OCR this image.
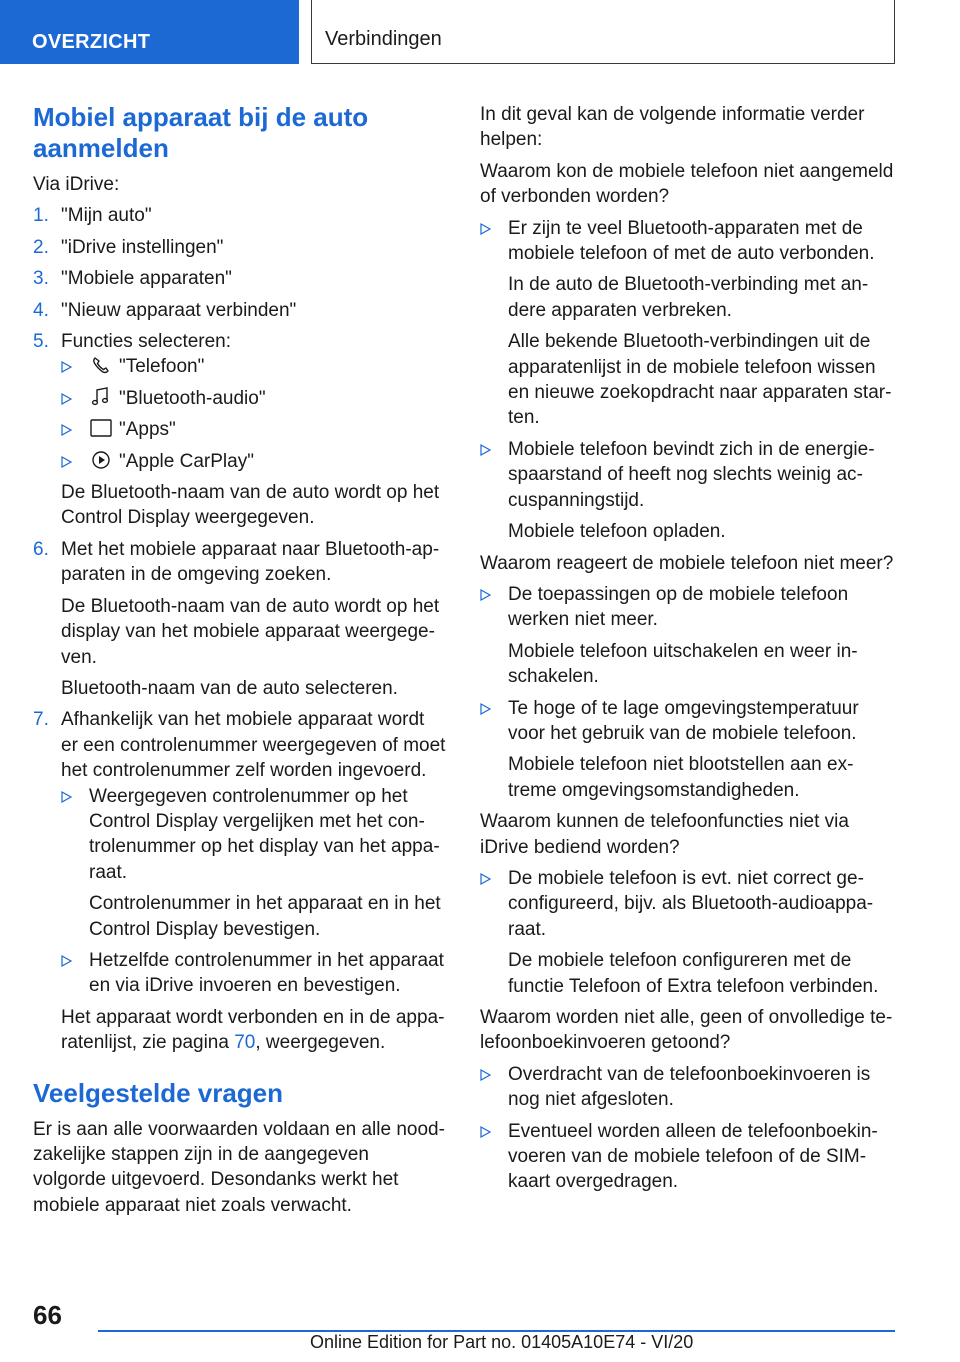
OVERZICHT	Verbindingen
Mobiel apparaat bij de auto aanmelden
Via iDrive:
1. "Mijn auto"
2. "iDrive instellingen"
3. "Mobiele apparaten"
4. "Nieuw apparaat verbinden"
5. Functies selecteren:
"Telefoon"
"Bluetooth-audio"
"Apps"
"Apple CarPlay"
De Bluetooth-naam van de auto wordt op het Control Display weergegeven.
6. Met het mobiele apparaat naar Bluetooth-apparaten in de omgeving zoeken.
De Bluetooth-naam van de auto wordt op het display van het mobiele apparaat weergegeven.
Bluetooth-naam van de auto selecteren.
7. Afhankelijk van het mobiele apparaat wordt er een controlenummer weergegeven of moet het controlenummer zelf worden ingevoerd.
Weergegeven controlenummer op het Control Display vergelijken met het controlenummer op het display van het apparaat.
Controlenummer in het apparaat en in het Control Display bevestigen.
Hetzelfde controlenummer in het apparaat en via iDrive invoeren en bevestigen.
Het apparaat wordt verbonden en in de apparatenlijst, zie pagina 70, weergegeven.
Veelgestelde vragen
Er is aan alle voorwaarden voldaan en alle noodzakelijke stappen zijn in de aangegeven volgorde uitgevoerd. Desondanks werkt het mobiele apparaat niet zoals verwacht.
In dit geval kan de volgende informatie verder helpen:
Waarom kon de mobiele telefoon niet aangemeld of verbonden worden?
Er zijn te veel Bluetooth-apparaten met de mobiele telefoon of met de auto verbonden.
In de auto de Bluetooth-verbinding met andere apparaten verbreken.
Alle bekende Bluetooth-verbindingen uit de apparatenlijst in de mobiele telefoon wissen en nieuwe zoekopdracht naar apparaten starten.
Mobiele telefoon bevindt zich in de energiespaarstand of heeft nog slechts weinig accuspanningstijd.
Mobiele telefoon opladen.
Waarom reageert de mobiele telefoon niet meer?
De toepassingen op de mobiele telefoon werken niet meer.
Mobiele telefoon uitschakelen en weer inschakelen.
Te hoge of te lage omgevingstemperatuur voor het gebruik van de mobiele telefoon.
Mobiele telefoon niet blootstellen aan extreme omgevingsomstandigheden.
Waarom kunnen de telefoonfuncties niet via iDrive bediend worden?
De mobiele telefoon is evt. niet correct geconfigureerd, bijv. als Bluetooth-audioapparaat.
De mobiele telefoon configureren met de functie Telefoon of Extra telefoon verbinden.
Waarom worden niet alle, geen of onvolledige telefoonboekinvoeren getoond?
Overdracht van de telefoonboekinvoeren is nog niet afgesloten.
Eventueel worden alleen de telefoonboekinvoeren van de mobiele telefoon of de SIM-kaart overgedragen.
66
Online Edition for Part no. 01405A10E74 - VI/20
